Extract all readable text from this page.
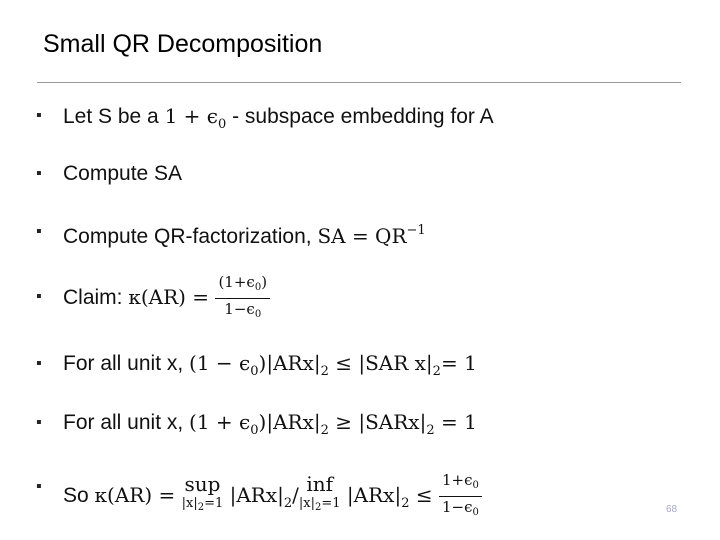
Small QR Decomposition
▪	Let S be a $1 + \epsilon_0$ - subspace embedding for A
▪	Compute SA
▪	Compute QR-factorization, SA = $QR^{-1}$
▪	Claim: $\kappa(AR) = \frac{(1+\epsilon_0)}{1-\epsilon_0}$
▪	For all unit x, $(1 - \epsilon_0)|ARx|_2 \le |SAR$ $x|_2= 1$
▪	For all unit x, $(1 + \epsilon_0)|ARx|_2$ ≥ $|SARx|_2 = 1$
▪	So κ(AR) = sup
$|x|_2=1$ $|ARx|_2/$ inf
$|x|_2=1$ $|ARx|_2 \le \frac{1+\epsilon_0}{1-\epsilon_0}$	68
